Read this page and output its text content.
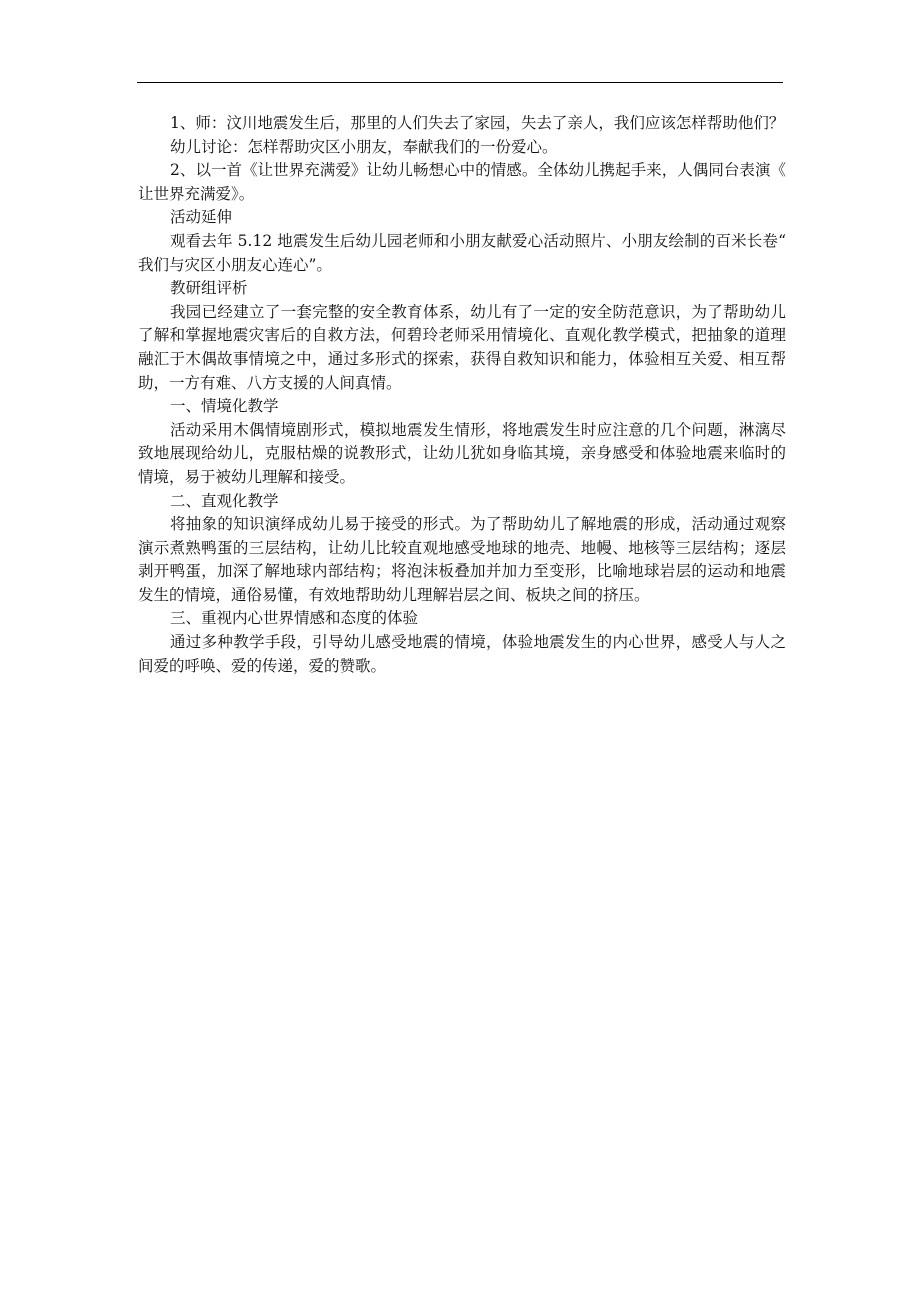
1、师：汶川地震发生后，那里的人们失去了家园，失去了亲人，我们应该怎样帮助他们？

幼儿讨论：怎样帮助灾区小朋友，奉献我们的一份爱心。

2、以一首《让世界充满爱》让幼儿畅想心中的情感。全体幼儿携起手来，人偶同台表演《让世界充满爱》。

活动延伸

观看去年 5.12 地震发生后幼儿园老师和小朋友献爱心活动照片、小朋友绘制的百米长卷“我们与灾区小朋友心连心”。

教研组评析

我园已经建立了一套完整的安全教育体系，幼儿有了一定的安全防范意识，为了帮助幼儿了解和掌握地震灾害后的自救方法，何碧玲老师采用情境化、直观化教学模式，把抽象的道理融汇于木偶故事情境之中，通过多形式的探索，获得自救知识和能力，体验相互关爱、相互帮助，一方有难、八方支援的人间真情。

一、情境化教学

活动采用木偶情境剧形式，模拟地震发生情形，将地震发生时应注意的几个问题，淋漓尽致地展现给幼儿，克服枯燥的说教形式，让幼儿犹如身临其境，亲身感受和体验地震来临时的情境，易于被幼儿理解和接受。

二、直观化教学

将抽象的知识演绎成幼儿易于接受的形式。为了帮助幼儿了解地震的形成，活动通过观察演示煮熟鸭蛋的三层结构，让幼儿比较直观地感受地球的地壳、地幔、地核等三层结构；逐层剥开鸭蛋，加深了解地球内部结构；将泡沫板叠加并加力至变形，比喻地球岩层的运动和地震发生的情境，通俗易懂，有效地帮助幼儿理解岩层之间、板块之间的挤压。

三、重视内心世界情感和态度的体验

通过多种教学手段，引导幼儿感受地震的情境，体验地震发生的内心世界，感受人与人之间爱的呼唤、爱的传递，爱的赞歌。
